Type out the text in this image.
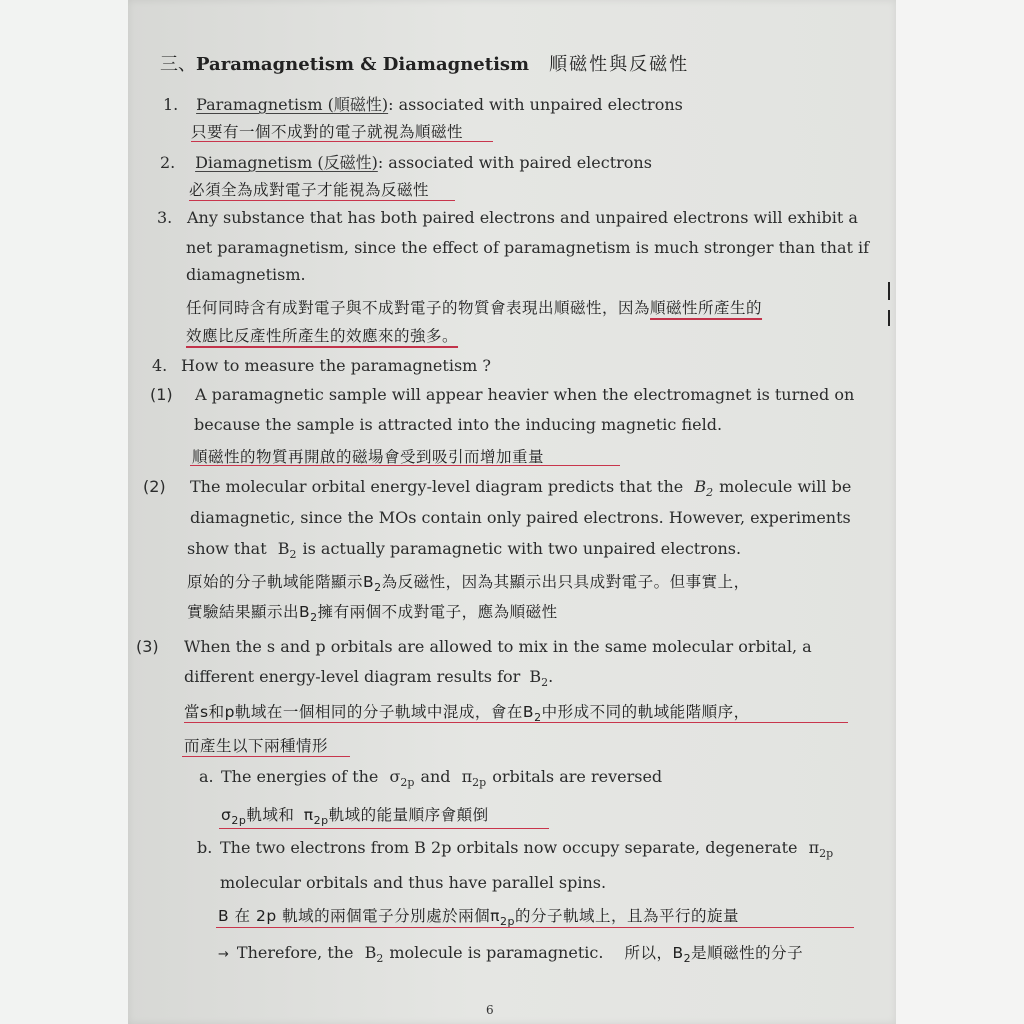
三、Paramagnetism & Diamagnetism 順磁性與反磁性
1. Paramagnetism (順磁性): associated with unpaired electrons
只要有一個不成對的電子就視為順磁性
2. Diamagnetism (反磁性): associated with paired electrons
必須全為成對電子才能視為反磁性
3. Any substance that has both paired electrons and unpaired electrons will exhibit a
net paramagnetism, since the effect of paramagnetism is much stronger than that if
diamagnetism.
任何同時含有成對電子與不成對電子的物質會表現出順磁性，因為順磁性所產生的
效應比反產性所產生的效應來的強多。
4. How to measure the paramagnetism ?
(1) A paramagnetic sample will appear heavier when the electromagnet is turned on
because the sample is attracted into the inducing magnetic field.
順磁性的物質再開啟的磁場會受到吸引而增加重量
(2) The molecular orbital energy-level diagram predicts that the $B_2$ molecule will be
diamagnetic, since the MOs contain only paired electrons. However, experiments
show that $B_2$ is actually paramagnetic with two unpaired electrons.
原始的分子軌域能階顯示$B_2$為反磁性，因為其顯示出只具成對電子。但事實上，
實驗結果顯示出$B_2$擁有兩個不成對電子，應為順磁性
(3) When the s and p orbitals are allowed to mix in the same molecular orbital, a
different energy-level diagram results for $B_2$.
當s和p軌域在一個相同的分子軌域中混成，會在$B_2$中形成不同的軌域能階順序，
而產生以下兩種情形
a. The energies of the $\sigma_{2p}$ and $\pi_{2p}$ orbitals are reversed
$\sigma_{2p}$軌域和 $\pi_{2p}$軌域的能量順序會顛倒
b. The two electrons from B 2p orbitals now occupy separate, degenerate $\pi_{2p}$
molecular orbitals and thus have parallel spins.
B 在 2p 軌域的兩個電子分別處於兩個$\pi_{2p}$的分子軌域上，且為平行的旋量
→ Therefore, the $B_2$ molecule is paramagnetic. 所以，$B_2$是順磁性的分子
6
